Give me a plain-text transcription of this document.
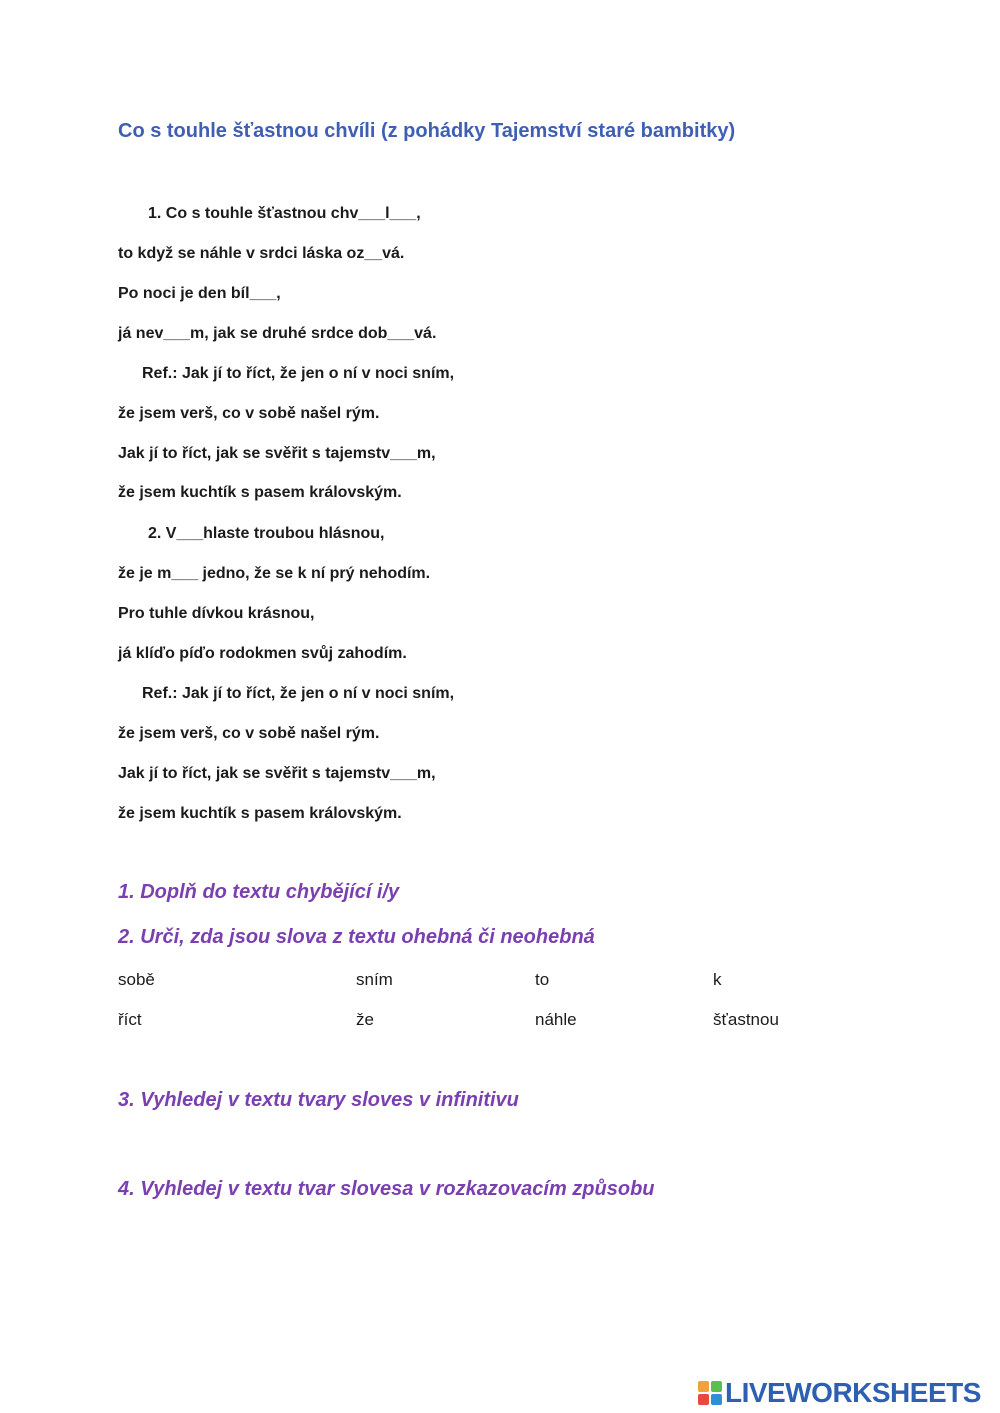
Co s touhle šťastnou chvíli (z pohádky Tajemství staré bambitky)
1. Co s touhle šťastnou chv___l___,
to když se náhle v srdci láska oz__vá.
Po noci je den bíl___,
já nev___m, jak se druhé srdce dob___vá.
Ref.: Jak jí to říct, že jen o ní v noci sním,
že jsem verš, co v sobě našel rým.
Jak jí to říct, jak se svěřit s tajemstv___m,
že jsem kuchtík s pasem královským.
2. V___hlaste troubou hlásnou,
že je m___ jedno, že se k ní prý nehodím.
Pro tuhle dívkou krásnou,
já klíďo píďo rodokmen svůj zahodím.
Ref.: Jak jí to říct, že jen o ní v noci sním,
že jsem verš, co v sobě našel rým.
Jak jí to říct, jak se svěřit s tajemstv___m,
že jsem kuchtík s pasem královským.
1. Doplň do textu chybějící i/y
2. Urči, zda jsou slova z textu ohebná či neohebná
sobě	sním	to	k
říct	že	náhle	šťastnou
3. Vyhledej v textu tvary sloves v infinitivu
4. Vyhledej v textu tvar slovesa v rozkazovacím způsobu
LIVEWORKSHEETS
